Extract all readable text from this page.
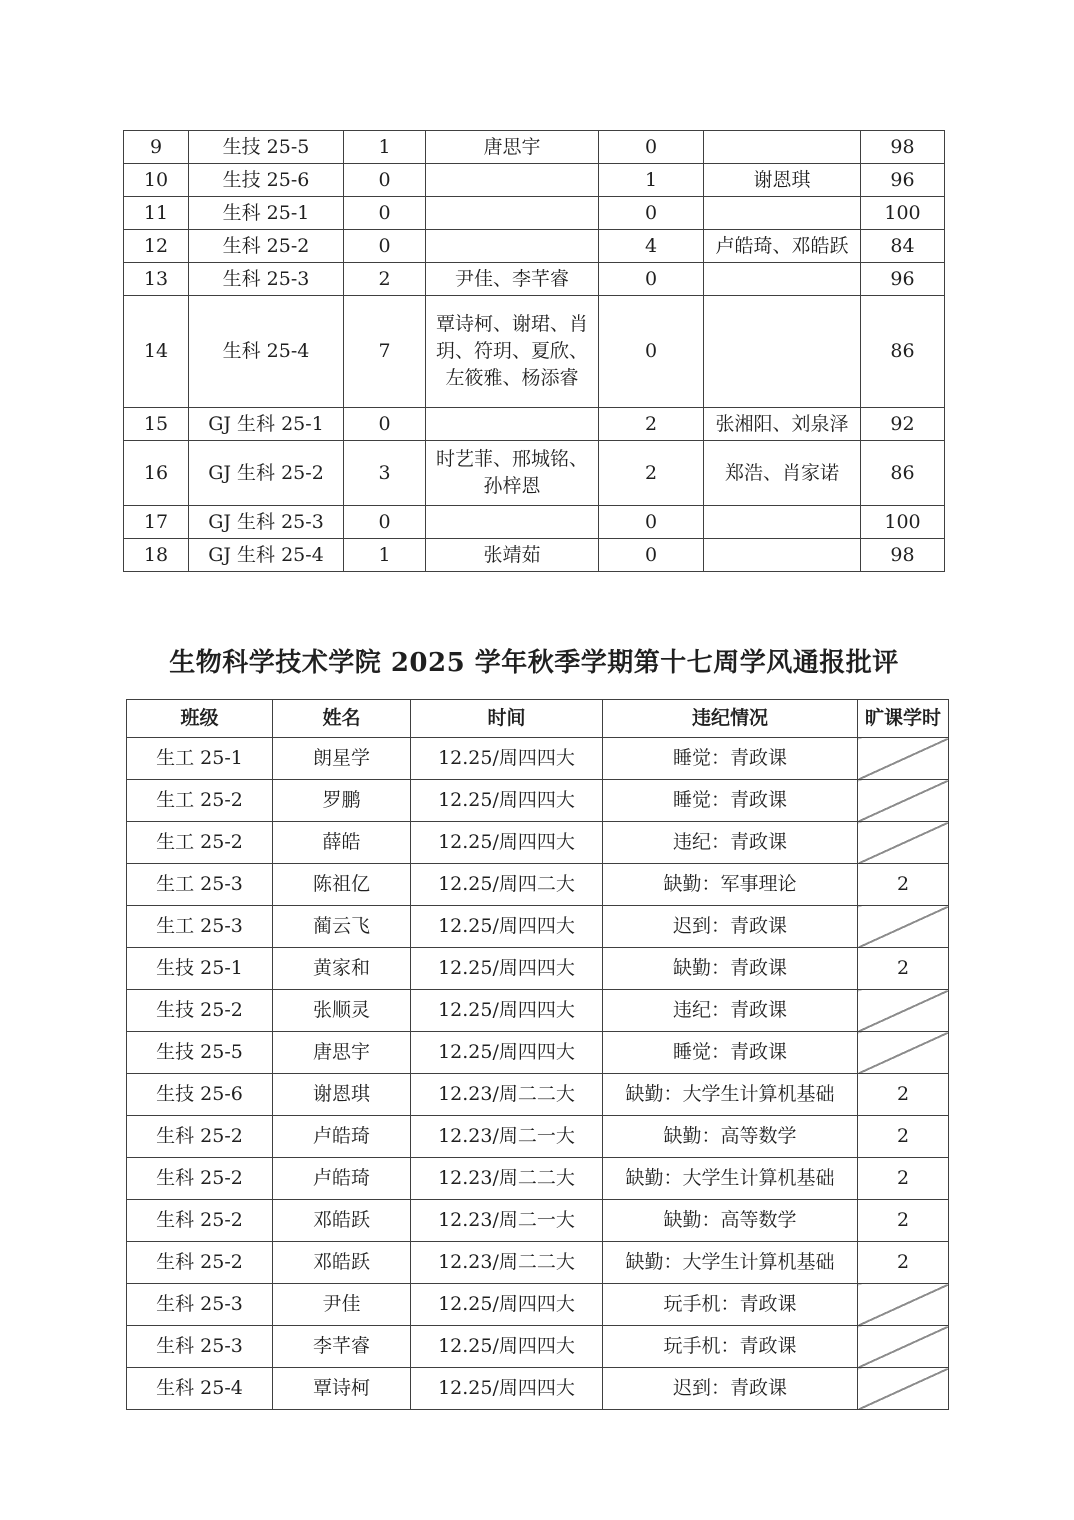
9	生技 25-5	1	唐思宇	0		98
10	生技 25-6	0		1	谢恩琪	96
11	生科 25-1	0		0		100
12	生科 25-2	0		4	卢皓琦、邓皓跃	84
13	生科 25-3	2	尹佳、李芊睿	0		96
14	生科 25-4	7	覃诗柯、谢珺、肖玥、符玥、夏欣、左筱雅、杨添睿	0		86
15	GJ 生科 25-1	0		2	张湘阳、刘泉泽	92
16	GJ 生科 25-2	3	时艺菲、邢城铭、孙梓恩	2	郑浩、肖家诺	86
17	GJ 生科 25-3	0		0		100
18	GJ 生科 25-4	1	张靖茹	0		98
生物科学技术学院 2025 学年秋季学期第十七周学风通报批评
班级	姓名	时间	违纪情况	旷课学时
生工 25-1	朗星学	12.25/周四四大	睡觉：青政课	
生工 25-2	罗鹏	12.25/周四四大	睡觉：青政课	
生工 25-2	薛皓	12.25/周四四大	违纪：青政课	
生工 25-3	陈祖亿	12.25/周四二大	缺勤：军事理论	2
生工 25-3	蔺云飞	12.25/周四四大	迟到：青政课	
生技 25-1	黄家和	12.25/周四四大	缺勤：青政课	2
生技 25-2	张顺灵	12.25/周四四大	违纪：青政课	
生技 25-5	唐思宇	12.25/周四四大	睡觉：青政课	
生技 25-6	谢恩琪	12.23/周二二大	缺勤：大学生计算机基础	2
生科 25-2	卢皓琦	12.23/周二一大	缺勤：高等数学	2
生科 25-2	卢皓琦	12.23/周二二大	缺勤：大学生计算机基础	2
生科 25-2	邓皓跃	12.23/周二一大	缺勤：高等数学	2
生科 25-2	邓皓跃	12.23/周二二大	缺勤：大学生计算机基础	2
生科 25-3	尹佳	12.25/周四四大	玩手机：青政课	
生科 25-3	李芊睿	12.25/周四四大	玩手机：青政课	
生科 25-4	覃诗柯	12.25/周四四大	迟到：青政课	
